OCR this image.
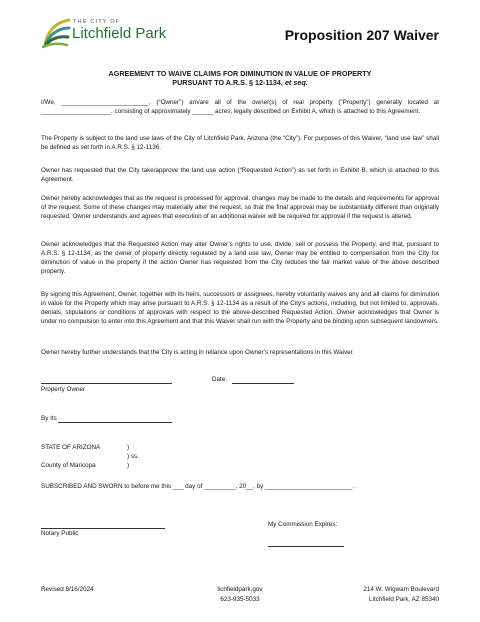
THE CITY OF
Litchfield Park	Proposition 207 Waiver
AGREEMENT TO WAIVE CLAIMS FOR DIMINUTION IN VALUE OF PROPERTY
PURSUANT TO A.R.S. § 12-1134, et seq.
I/We, _________________________, (“Owner”) am/are all of the owner(s) of real property (“Property”) generally located at ____________________, consisting of approximately ______ acres, legally described on Exhibit A, which is attached to this Agreement.
The Property is subject to the land use laws of the City of Litchfield Park, Arizona (the “City”). For purposes of this Waiver, “land use law” shall be defined as set forth in A.R.S. § 12-1136.
Owner has requested that the City take/approve the land use action (“Requested Action”) as set forth in Exhibit B, which is attached to this Agreement.
Owner hereby acknowledges that as the request is processed for approval, changes may be made to the details and requirements for approval of the request. Some of these changes may materially alter the request, so that the final approval may be substantially different than originally requested. Owner understands and agrees that execution of an additional waiver will be required for approval if the request is altered.
Owner acknowledges that the Requested Action may alter Owner’s rights to use, divide, sell or possess the Property, and that, pursuant to A.R.S. § 12-1134, as the owner of property directly regulated by a land use law, Owner may be entitled to compensation from the City for diminution of value in the property if the action Owner has requested from the City reduces the fair market value of the above described property.
By signing this Agreement, Owner, together with its heirs, successors or assignees, hereby voluntarily waives any and all claims for diminution in value for the Property which may arise pursuant to A.R.S. § 12-1134 as a result of the City’s actions, including, but not limited to, approvals, denials, stipulations or conditions of approvals with respect to the above-described Requested Action. Owner acknowledges that Owner is under no compulsion to enter into this Agreement and that this Waiver shall run with the Property and be binding upon subsequent landowners.
Owner hereby further understands that the City is acting in reliance upon Owner’s representations in this Waiver.
Property Owner
Date:
By Its
STATE OF ARIZONA	)
) ss.
County of Maricopa	)
SUBSCRIBED AND SWORN to before me this ___ day of _________, 20__, by _________________________.
Notary Public
My Commission Expires:
Revised 8/16/2024	lichfieldpark.gov
623-935-5033
214 W. Wigwam Boulevard
Litchfield Park, AZ 85340
